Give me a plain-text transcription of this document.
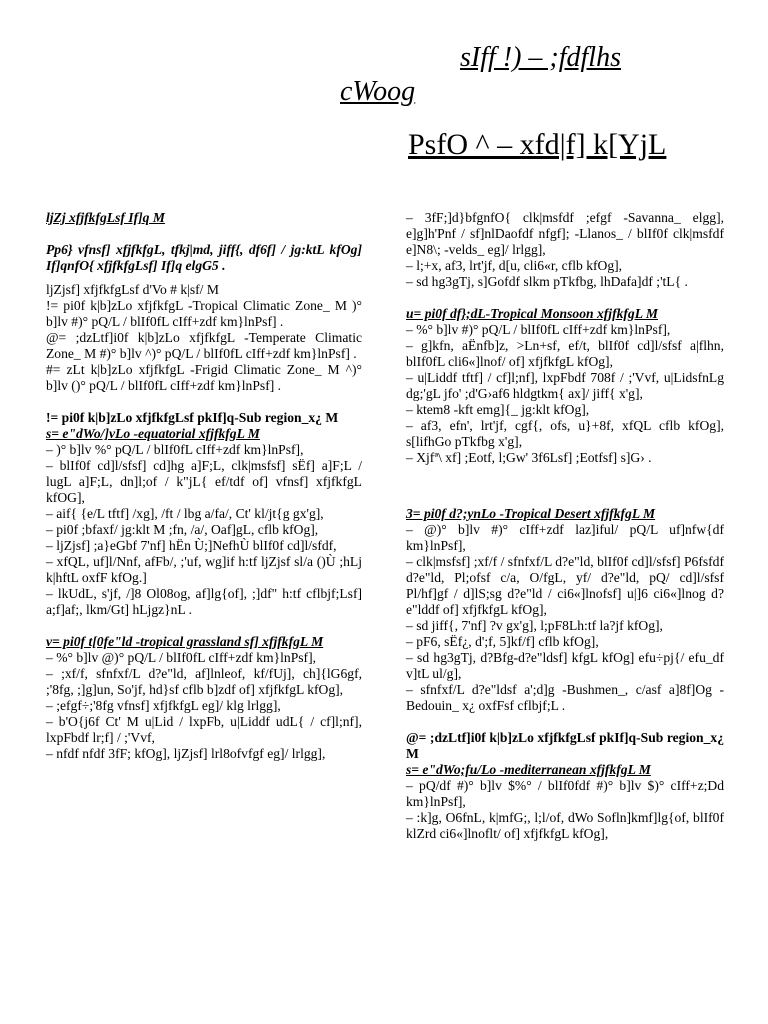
sIff !) – ;fdflhs
cWoog
PsfO ^ – xfd|f] k[YjL

ljZj xfjfkfgLsf If]q M

Pp6} vfnsf] xfjfkfgL, tfkj|md, jiff{, df6f] / jg:ktL kfOg] If]qnfO{ xfjfkfgLsf] If]q elgG5 .

ljZjsf] xfjfkfgLsf d'Vo # k|sf/ M

!= pi0f k|b]zLo xfjfkfgL -Tropical Climatic Zone_ M )° b]lv #)° pQ/L / blIf0fL cIff+zdf km}lnPsf] .

@= ;dzLtf]i0f k|b]zLo xfjfkfgL -Temperate Climatic Zone_ M #)° b]lv ^)° pQ/L / blIf0fL cIff+zdf km}lnPsf] .

#= zLt k|b]zLo xfjfkfgL -Frigid Climatic Zone_ M ^)° b]lv ()° pQ/L / blIf0fL cIff+zdf km}lnPsf] .

!= pi0f k|b]zLo xfjfkfgLsf pkIf]q-Sub region_x¿ M

s= e"dWo/]vLo -equatorial xfjfkfgL M

– )° b]lv %° pQ/L / blIf0fL cIff+zdf km}lnPsf],

– blIf0f cd]l/sfsf] cd]hg a]F;L, clk|msfsf] sËf] a]F;L / lugL a]F;L, dn]l;of / k"jL{ ef/tdf of] vfnsf] xfjfkfgL kfOG],

– aif{ {e/L tftf] /xg], /ft / lbg a/fa/, Ct' kl/jt{g gx'g],

– pi0f ;bfaxf/ jg:klt M ;fn, /a/, Oaf]gL, cflb kfOg],

– ljZjsf] ;a}eGbf 7'nf] hËn Ù;]NefhÙ blIf0f cd]l/sfdf,

– xfQL, uf]l/Nnf, afFb/, ;'uf, wg]if h:tf ljZjsf sl/a ()Ù ;hLj k|hftL oxfF kfOg.]

– lkUdL, s'jf, /]8 Ol08og, af]lg{of], ;]df" h:tf cflbjf;Lsf] a;f]af;, lkm/Gt] hLjgz}nL .

v= pi0f t[0fe"ld -tropical grassland sf] xfjfkfgL M

– %° b]lv @)° pQ/L / blIf0fL cIff+zdf km}lnPsf],

– ;xf/f, sfnfxf/L d?e"ld, af]lnleof, kf/fUj], ch]{lG6gf, ;'8fg, ;]g]un, So'jf, hd}sf cflb b]zdf of] xfjfkfgL kfOg],

– ;efgf÷;'8fg vfnsf] xfjfkfgL eg]/ klg lrlgg],

– b'O{j6f Ct' M u|Lid / lxpFb, u|Liddf udL{ / cf]l;nf], lxpFbdf lr;f] / ;'Vvf,

– nfdf nfdf 3fF; kfOg], ljZjsf] lrl8ofvfgf eg]/ lrlgg],

– 3fF;]d}bfgnfO{ clk|msfdf ;efgf -Savanna_ elgg], e]g]h'Pnf / sf]nlDaofdf nfgf]; -Llanos_ / blIf0f clk|msfdf e]N8\; -velds_ eg]/ lrlgg],

– l;+x, af3, lrt'jf, d[u, cli6«r, cflb kfOg],

– sd hg3gTj, s]Gofdf slkm pTkfbg, lhDafa]df ;'tL{ .

u= pi0f df};dL-Tropical Monsoon xfjfkfgL M

– %° b]lv #)° pQ/L / blIf0fL cIff+zdf km}lnPsf],

– g]kfn, aËnfb]z, >Ln+sf, ef/t, blIf0f cd]l/sfsf a|flhn, blIf0fL cli6«]lnof/ of] xfjfkfgL kfOg],

– u|Liddf tftf] / cf]l;nf], lxpFbdf 708f / ;'Vvf, u|LidsfnLg dg;'gL jfo' ;d'G›af6 hldgtkm{ ax]/ jiff{ x'g],

– ktem8 -kft emg]{_ jg:klt kfOg],

– af3, efn', lrt'jf, cgf{, ofs, u}+8f, xfQL cflb kfOg], s[lifhGo pTkfbg x'g],

– Xjfª\ xf] ;Eotf, l;Gw' 3f6Lsf] ;Eotfsf] s]G› .

3= pi0f d?;ynLo -Tropical Desert xfjfkfgL M

– @)° b]lv #)° cIff+zdf laz]iful/ pQ/L uf]nfw{df km}lnPsf],

– clk|msfsf] ;xf/f / sfnfxf/L d?e"ld, blIf0f cd]l/sfsf] P6fsfdf d?e"ld, Pl;ofsf c/a, O/fgL, yf/ d?e"ld, pQ/ cd]l/sfsf Pl/hf]gf / d]lS;sg d?e"ld / ci6«]lnofsf] u|]6 ci6«]lnog d?e"lddf of] xfjfkfgL kfOg],

– sd jiff{, 7'nf] ?v gx'g], l;pF8Lh:tf la?jf kfOg],

– pF6, sËf¿, d';f, 5]kf/f] cflb kfOg],

– sd hg3gTj, d?Bfg-d?e"ldsf] kfgL kfOg] efu÷pj{/ efu_df v]tL ul/g],

– sfnfxf/L d?e"ldsf a';d]g -Bushmen_, c/asf a]8f]Og -Bedouin_ x¿ oxfFsf cflbjf;L .

@= ;dzLtf]i0f k|b]zLo xfjfkfgLsf pkIf]q-Sub region_x¿ M

s= e"dWo;fu/Lo -mediterranean xfjfkfgL M

– pQ/df #)° b]lv $%° / blIf0fdf #)° b]lv $)° cIff+z;Dd km}lnPsf],

– :k]g, O6fnL, k|mfG;, l;l/of, dWo Sofln]kmf]lg{of, blIf0f klZrd ci6«]lnoflt/ of] xfjfkfgL kfOg],
